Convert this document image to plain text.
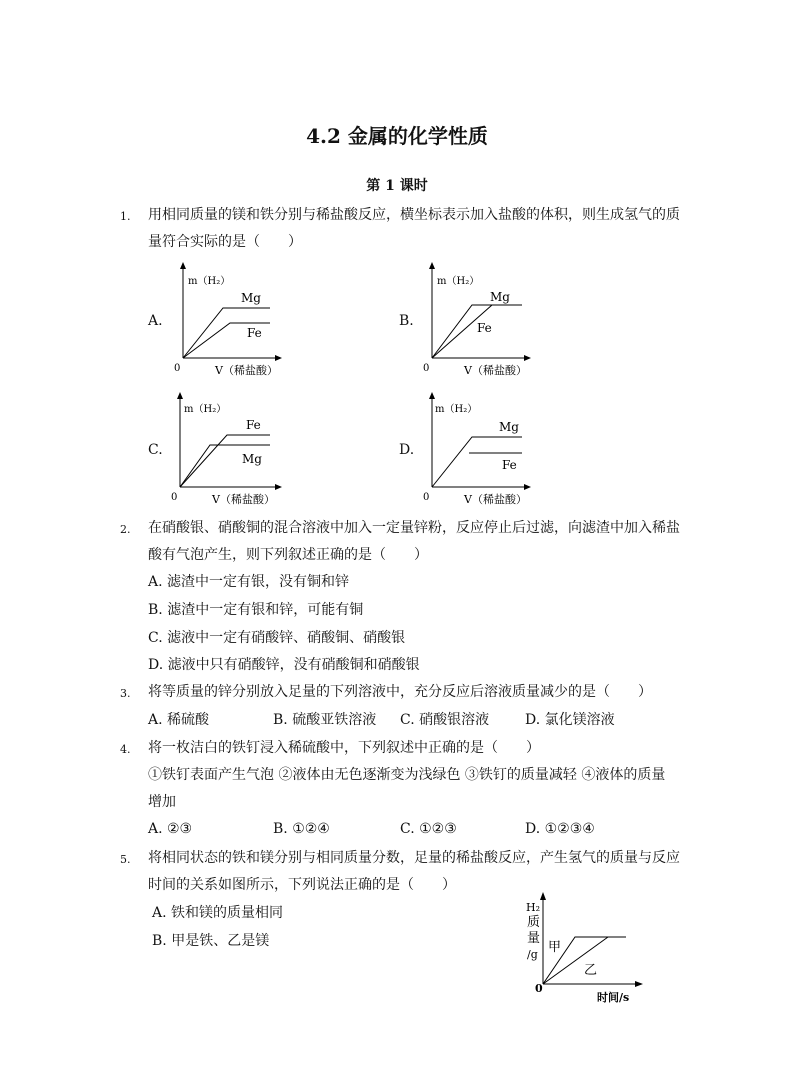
4.2 金属的化学性质
第 1 课时
1. 用相同质量的镁和铁分别与稀盐酸反应，横坐标表示加入盐酸的体积，则生成氢气的质
量符合实际的是（　　）
A.
m（H₂）
Mg
Fe
0	V（稀盐酸）
B.
m（H₂）
Mg
Fe
0	V（稀盐酸）
C.
m（H₂）
Fe
Mg
0	V（稀盐酸）
D.
m（H₂）
Mg
Fe
0	V（稀盐酸）
2. 在硝酸银、硝酸铜的混合溶液中加入一定量锌粉，反应停止后过滤，向滤渣中加入稀盐
酸有气泡产生，则下列叙述正确的是（　　）
A. 滤渣中一定有银，没有铜和锌
B. 滤渣中一定有银和锌，可能有铜
C. 滤液中一定有硝酸锌、硝酸铜、硝酸银
D. 滤液中只有硝酸锌，没有硝酸铜和硝酸银
3. 将等质量的锌分别放入足量的下列溶液中，充分反应后溶液质量减少的是（　　）
A. 稀硫酸	B. 硫酸亚铁溶液 C. 硝酸银溶液	D. 氯化镁溶液
4. 将一枚洁白的铁钉浸入稀硫酸中，下列叙述中正确的是（　　）
①铁钉表面产生气泡 ②液体由无色逐渐变为浅绿色 ③铁钉的质量减轻 ④液体的质量
增加
A. ②③	B. ①②④	C. ①②③	D. ①②③④
5. 将相同状态的铁和镁分别与相同质量分数，足量的稀盐酸反应，产生氢气的质量与反应
时间的关系如图所示，下列说法正确的是（　　）
A. 铁和镁的质量相同
B. 甲是铁、乙是镁
H₂
质
量
/g 甲
乙
0
时间/s
